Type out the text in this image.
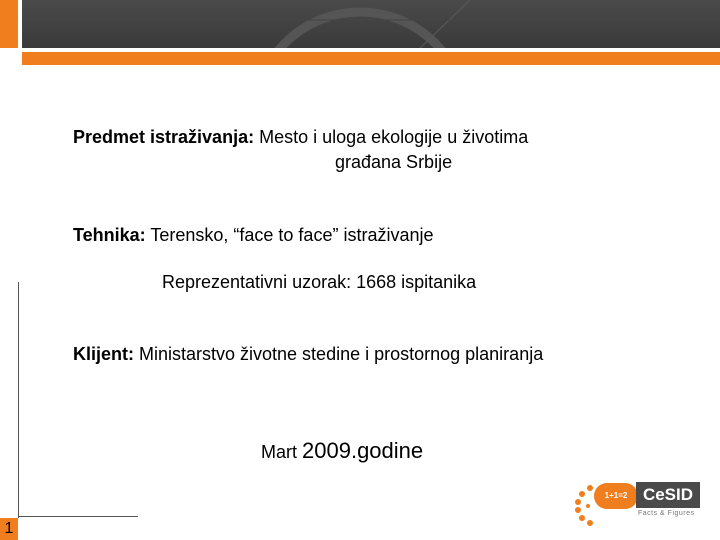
Predmet istraživanja: Mesto i uloga ekologije u životima
građana Srbije
Tehnika: Terensko, “face to face” istraživanje
Reprezentativni uzorak: 1668 ispitanika
Klijent: Ministarstvo životne stedine i prostornog planiranja
Mart 2009.godine
1
1+1=2 CeSID
Facts & Figures
